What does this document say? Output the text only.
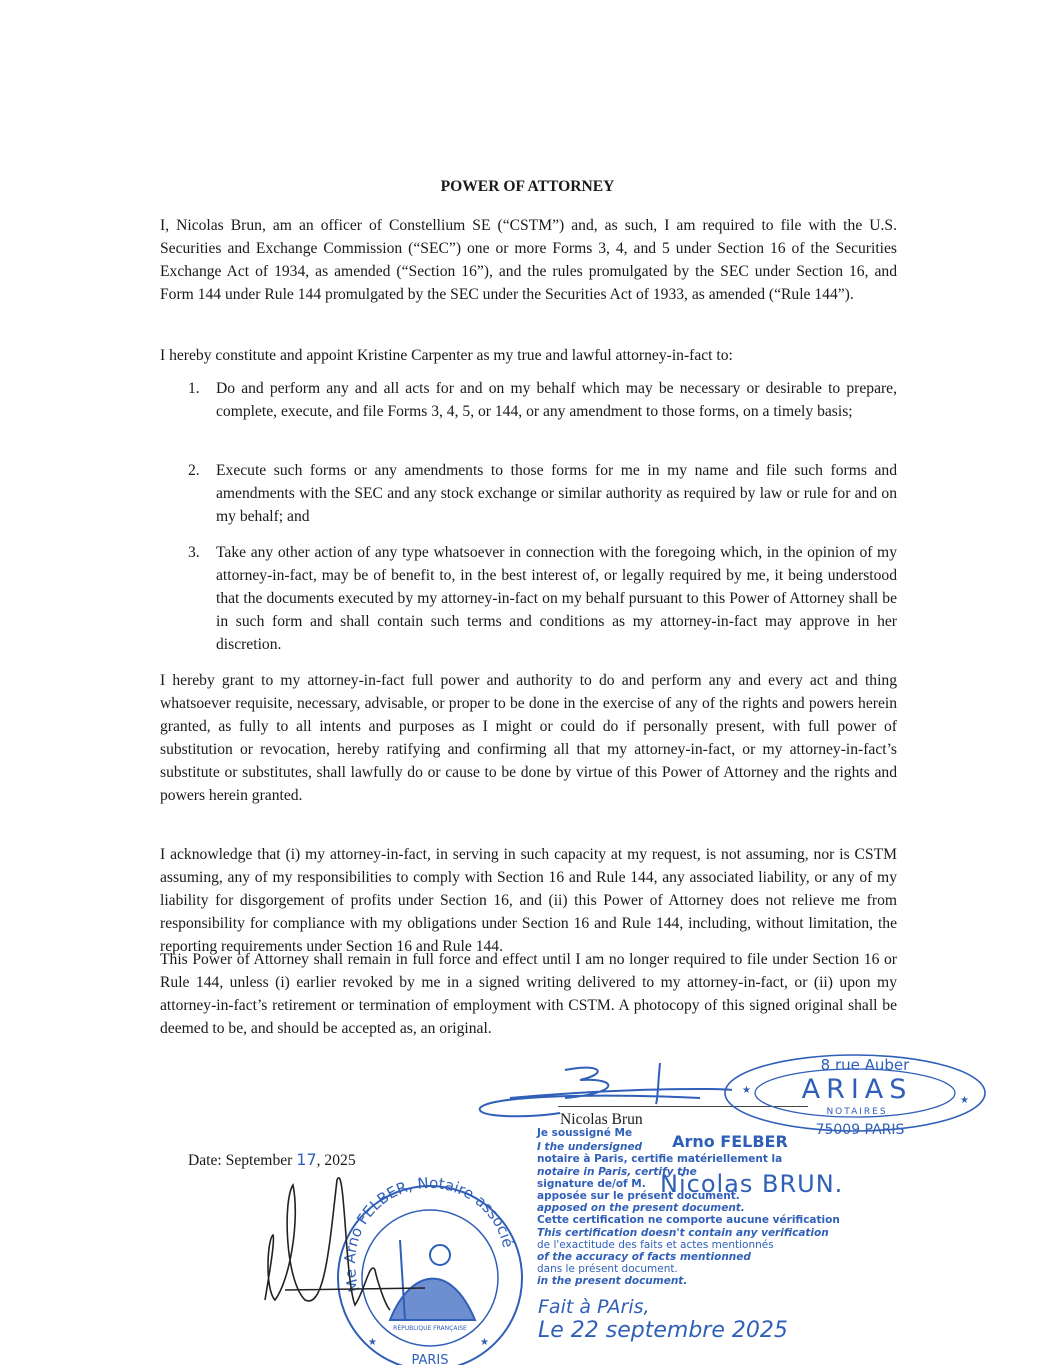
POWER OF ATTORNEY
I, Nicolas Brun, am an officer of Constellium SE (“CSTM”) and, as such, I am required to file with the U.S. Securities and Exchange Commission (“SEC”) one or more Forms 3, 4, and 5 under Section 16 of the Securities Exchange Act of 1934, as amended (“Section 16”), and the rules promulgated by the SEC under Section 16, and Form 144 under Rule 144 promulgated by the SEC under the Securities Act of 1933, as amended (“Rule 144”).
I hereby constitute and appoint Kristine Carpenter as my true and lawful attorney-in-fact to:
1. Do and perform any and all acts for and on my behalf which may be necessary or desirable to prepare, complete, execute, and file Forms 3, 4, 5, or 144, or any amendment to those forms, on a timely basis;
2. Execute such forms or any amendments to those forms for me in my name and file such forms and amendments with the SEC and any stock exchange or similar authority as required by law or rule for and on my behalf; and
3. Take any other action of any type whatsoever in connection with the foregoing which, in the opinion of my attorney-in-fact, may be of benefit to, in the best interest of, or legally required by me, it being understood that the documents executed by my attorney-in-fact on my behalf pursuant to this Power of Attorney shall be in such form and shall contain such terms and conditions as my attorney-in-fact may approve in her discretion.
I hereby grant to my attorney-in-fact full power and authority to do and perform any and every act and thing whatsoever requisite, necessary, advisable, or proper to be done in the exercise of any of the rights and powers herein granted, as fully to all intents and purposes as I might or could do if personally present, with full power of substitution or revocation, hereby ratifying and confirming all that my attorney-in-fact, or my attorney-in-fact’s substitute or substitutes, shall lawfully do or cause to be done by virtue of this Power of Attorney and the rights and powers herein granted.
I acknowledge that (i) my attorney-in-fact, in serving in such capacity at my request, is not assuming, nor is CSTM assuming, any of my responsibilities to comply with Section 16 and Rule 144, any associated liability, or any of my liability for disgorgement of profits under Section 16, and (ii) this Power of Attorney does not relieve me from responsibility for compliance with my obligations under Section 16 and Rule 144, including, without limitation, the reporting requirements under Section 16 and Rule 144.
This Power of Attorney shall remain in full force and effect until I am no longer required to file under Section 16 or Rule 144, unless (i) earlier revoked by me in a signed writing delivered to my attorney-in-fact, or (ii) upon my attorney-in-fact’s retirement or termination of employment with CSTM. A photocopy of this signed original shall be deemed to be, and should be accepted as, an original.
Nicolas Brun
Date: September 17, 2025
★
★
8 rue Auber
ARIAS
NOTAIRES
75009 PARIS
Je soussigné Me
I the undersigned Arno FELBER
notaire à Paris, certifie matériellement la
notaire in Paris, certify the
signature de/of M.
apposée sur le présent document.
apposed on the present document.
Cette certification ne comporte aucune vérification
This certification doesn't contain any verification
de l'exactitude des faits et actes mentionnés
of the accuracy of facts mentionned
dans le présent document.
in the present document.
Nicolas BRUN.
Fait à PAris,
Le 22 septembre 2025
Me Arno FELBER, Notaire associé
RÉPUBLIQUE FRANÇAISE
★	★
PARIS
